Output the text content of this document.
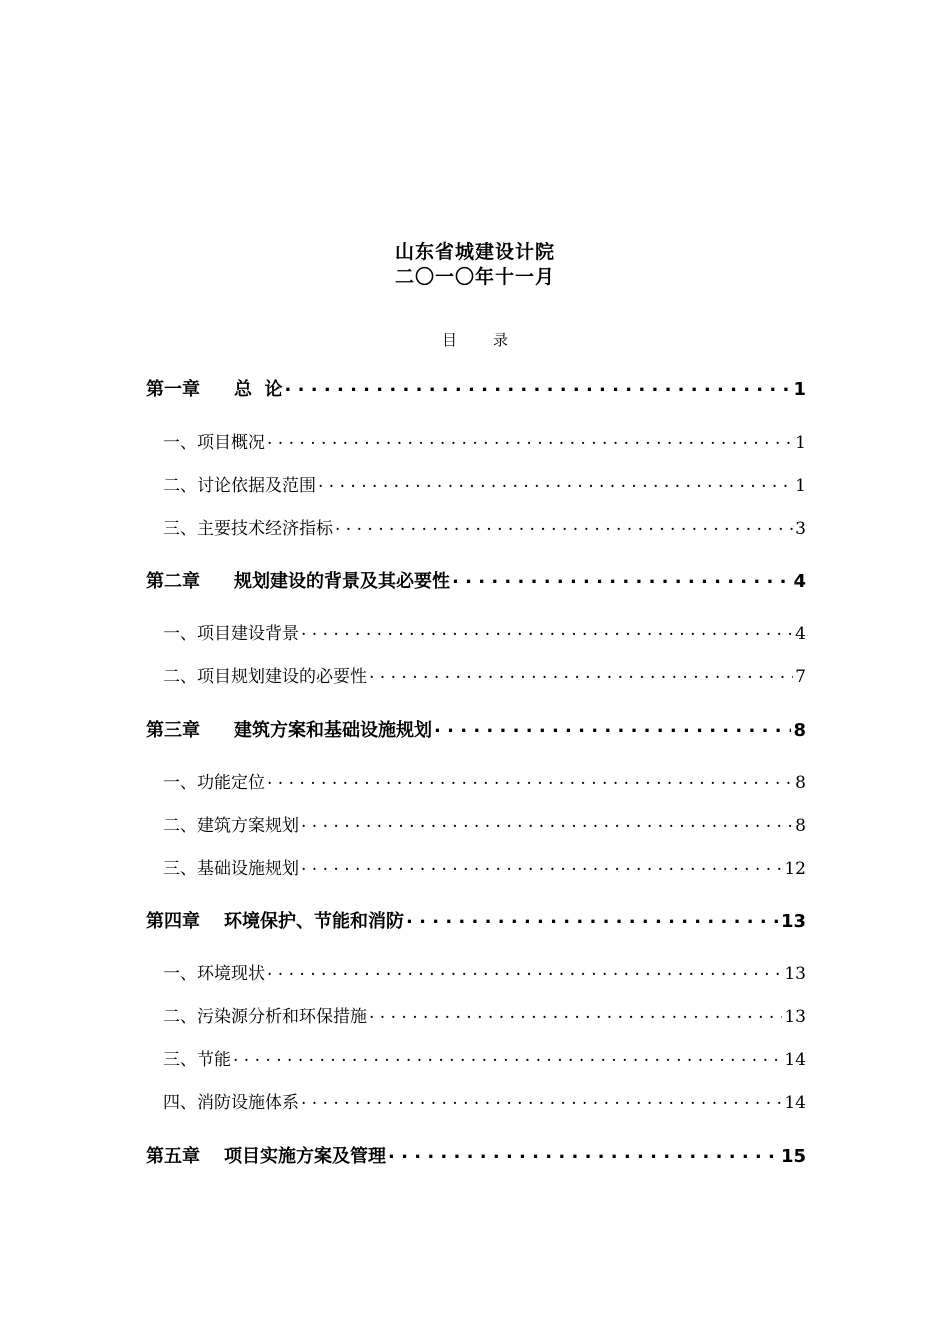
山东省城建设计院
二〇一〇年十一月
目录
第一章 总  论 . . .	1
一、项目概况 . . .	1
二、讨论依据及范围 . . .	1
三、主要技术经济指标 . . .	3
第二章 规划建设的背景及其必要性 . . .	4
一、项目建设背景 . . .	4
二、项目规划建设的必要性 . . .	7
第三章 建筑方案和基础设施规划 . . .	8
一、功能定位 . . .	8
二、建筑方案规划 . . .	8
三、基础设施规划 . . .	12
第四章 环境保护、节能和消防 . . .	13
一、环境现状 . . .	13
二、污染源分析和环保措施 . . .	13
三、节能 . . .	14
四、消防设施体系 . . .	14
第五章 项目实施方案及管理 . . .	15
